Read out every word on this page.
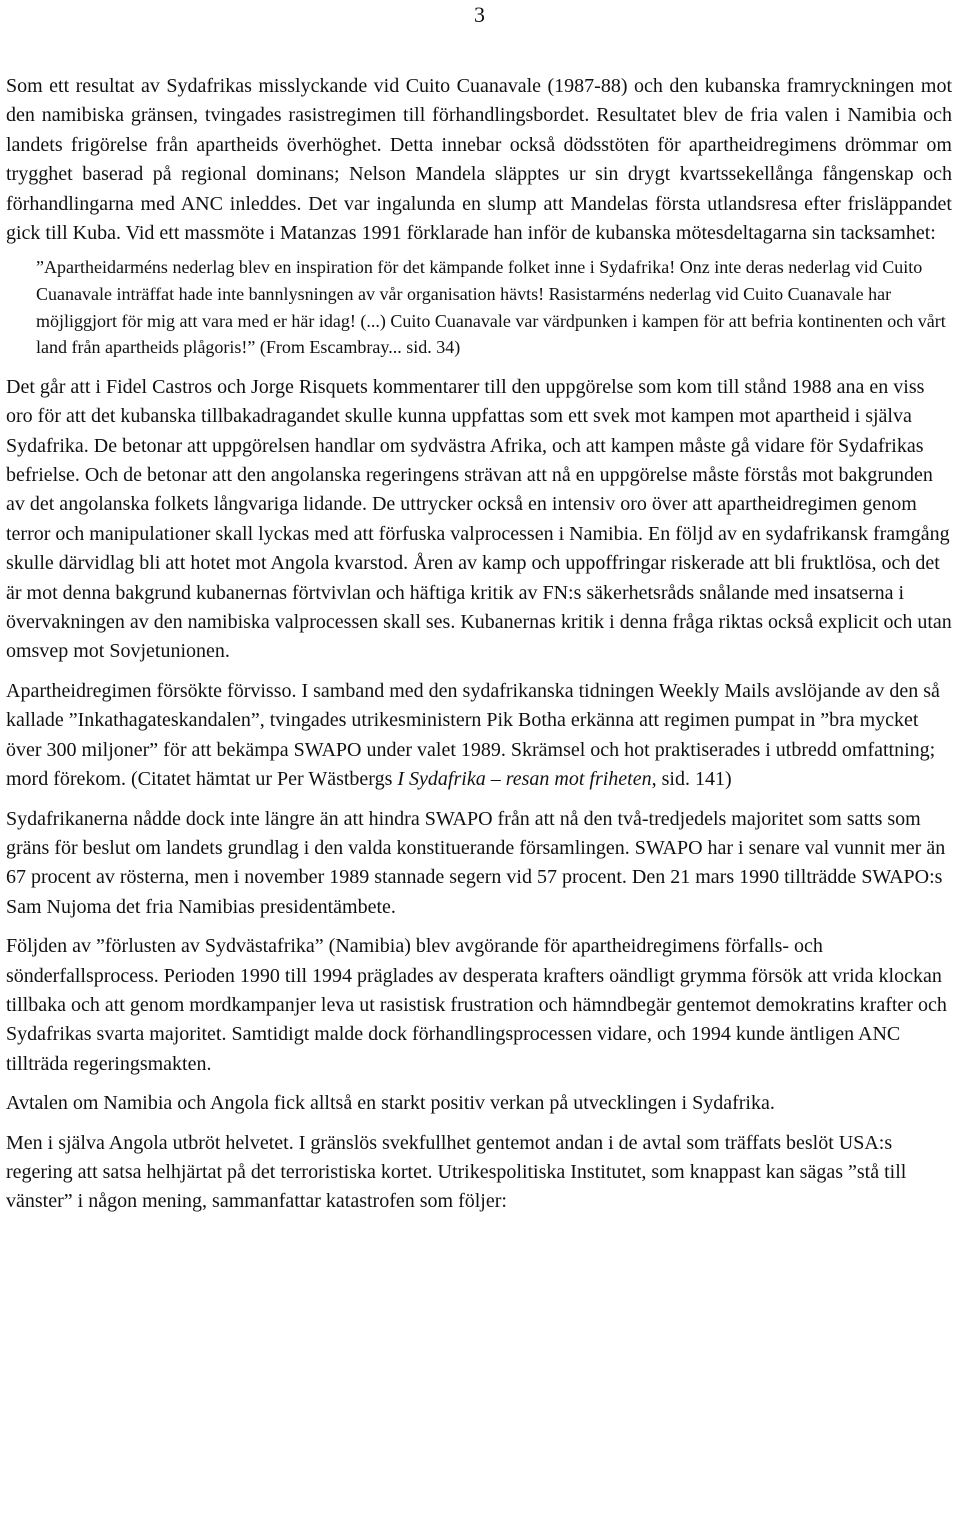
3

Som ett resultat av Sydafrikas misslyckande vid Cuito Cuanavale (1987-88) och den kubanska framryckningen mot den namibiska gränsen, tvingades rasistregimen till förhandlingsbordet. Resultatet blev de fria valen i Namibia och landets frigörelse från apartheids överhöghet. Detta innebar också dödsstöten för apartheidregimens drömmar om trygghet baserad på regional dominans; Nelson Mandela släpptes ur sin drygt kvartssekellånga fångenskap och förhandlingarna med ANC inleddes. Det var ingalunda en slump att Mandelas första utlandsresa efter frisläppandet gick till Kuba. Vid ett massmöte i Matanzas 1991 förklarade han inför de kubanska mötesdeltagarna sin tacksamhet:

”Apartheidarméns nederlag blev en inspiration för det kämpande folket inne i Sydafrika! Onz inte deras nederlag vid Cuito Cuanavale inträffat hade inte bannlysningen av vår organisation hävts! Rasistarméns nederlag vid Cuito Cuanavale har möjliggjort för mig att vara med er här idag! (...) Cuito Cuanavale var värdpunken i kampen för att befria kontinenten och vårt land från apartheids plågoris!” (From Escambray... sid. 34)

Det går att i Fidel Castros och Jorge Risquets kommentarer till den uppgörelse som kom till stånd 1988 ana en viss oro för att det kubanska tillbakadragandet skulle kunna uppfattas som ett svek mot kampen mot apartheid i själva Sydafrika. De betonar att uppgörelsen handlar om sydvästra Afrika, och att kampen måste gå vidare för Sydafrikas befrielse. Och de betonar att den angolanska regeringens strävan att nå en uppgörelse måste förstås mot bakgrunden av det angolanska folkets långvariga lidande. De uttrycker också en intensiv oro över att apartheidregimen genom terror och manipulationer skall lyckas med att förfuska valprocessen i Namibia. En följd av en sydafrikansk framgång skulle därvidlag bli att hotet mot Angola kvarstod. Åren av kamp och uppoffringar riskerade att bli fruktlösa, och det är mot denna bakgrund kubanernas förtvivlan och häftiga kritik av FN:s säkerhetsråds snålande med insatserna i övervakningen av den namibiska valprocessen skall ses. Kubanernas kritik i denna fråga riktas också explicit och utan omsvep mot Sovjetunionen.

Apartheidregimen försökte förvisso. I samband med den sydafrikanska tidningen Weekly Mails avslöjande av den så kallade ”Inkathagateskandalen”, tvingades utrikesministern Pik Botha erkänna att regimen pumpat in ”bra mycket över 300 miljoner” för att bekämpa SWAPO under valet 1989. Skrämsel och hot praktiserades i utbredd omfattning; mord förekom. (Citatet hämtat ur Per Wästbergs I Sydafrika – resan mot friheten, sid. 141)

Sydafrikanerna nådde dock inte längre än att hindra SWAPO från att nå den två-tredjedels majoritet som satts som gräns för beslut om landets grundlag i den valda konstituerande församlingen. SWAPO har i senare val vunnit mer än 67 procent av rösterna, men i november 1989 stannade segern vid 57 procent. Den 21 mars 1990 tillträdde SWAPO:s Sam Nujoma det fria Namibias presidentämbete.

Följden av ”förlusten av Sydvästafrika” (Namibia) blev avgörande för apartheidregimens förfalls- och sönderfallsprocess. Perioden 1990 till 1994 präglades av desperata krafters oändligt grymma försök att vrida klockan tillbaka och att genom mordkampanjer leva ut rasistisk frustration och hämndbegär gentemot demokratins krafter och Sydafrikas svarta majoritet. Samtidigt malde dock förhandlingsprocessen vidare, och 1994 kunde äntligen ANC tillträda regeringsmakten.

Avtalen om Namibia och Angola fick alltså en starkt positiv verkan på utvecklingen i Sydafrika.

Men i själva Angola utbröt helvetet. I gränslös svekfullhet gentemot andan i de avtal som träffats beslöt USA:s regering att satsa helhjärtat på det terroristiska kortet. Utrikespolitiska Institutet, som knappast kan sägas ”stå till vänster” i någon mening, sammanfattar katastrofen som följer:
